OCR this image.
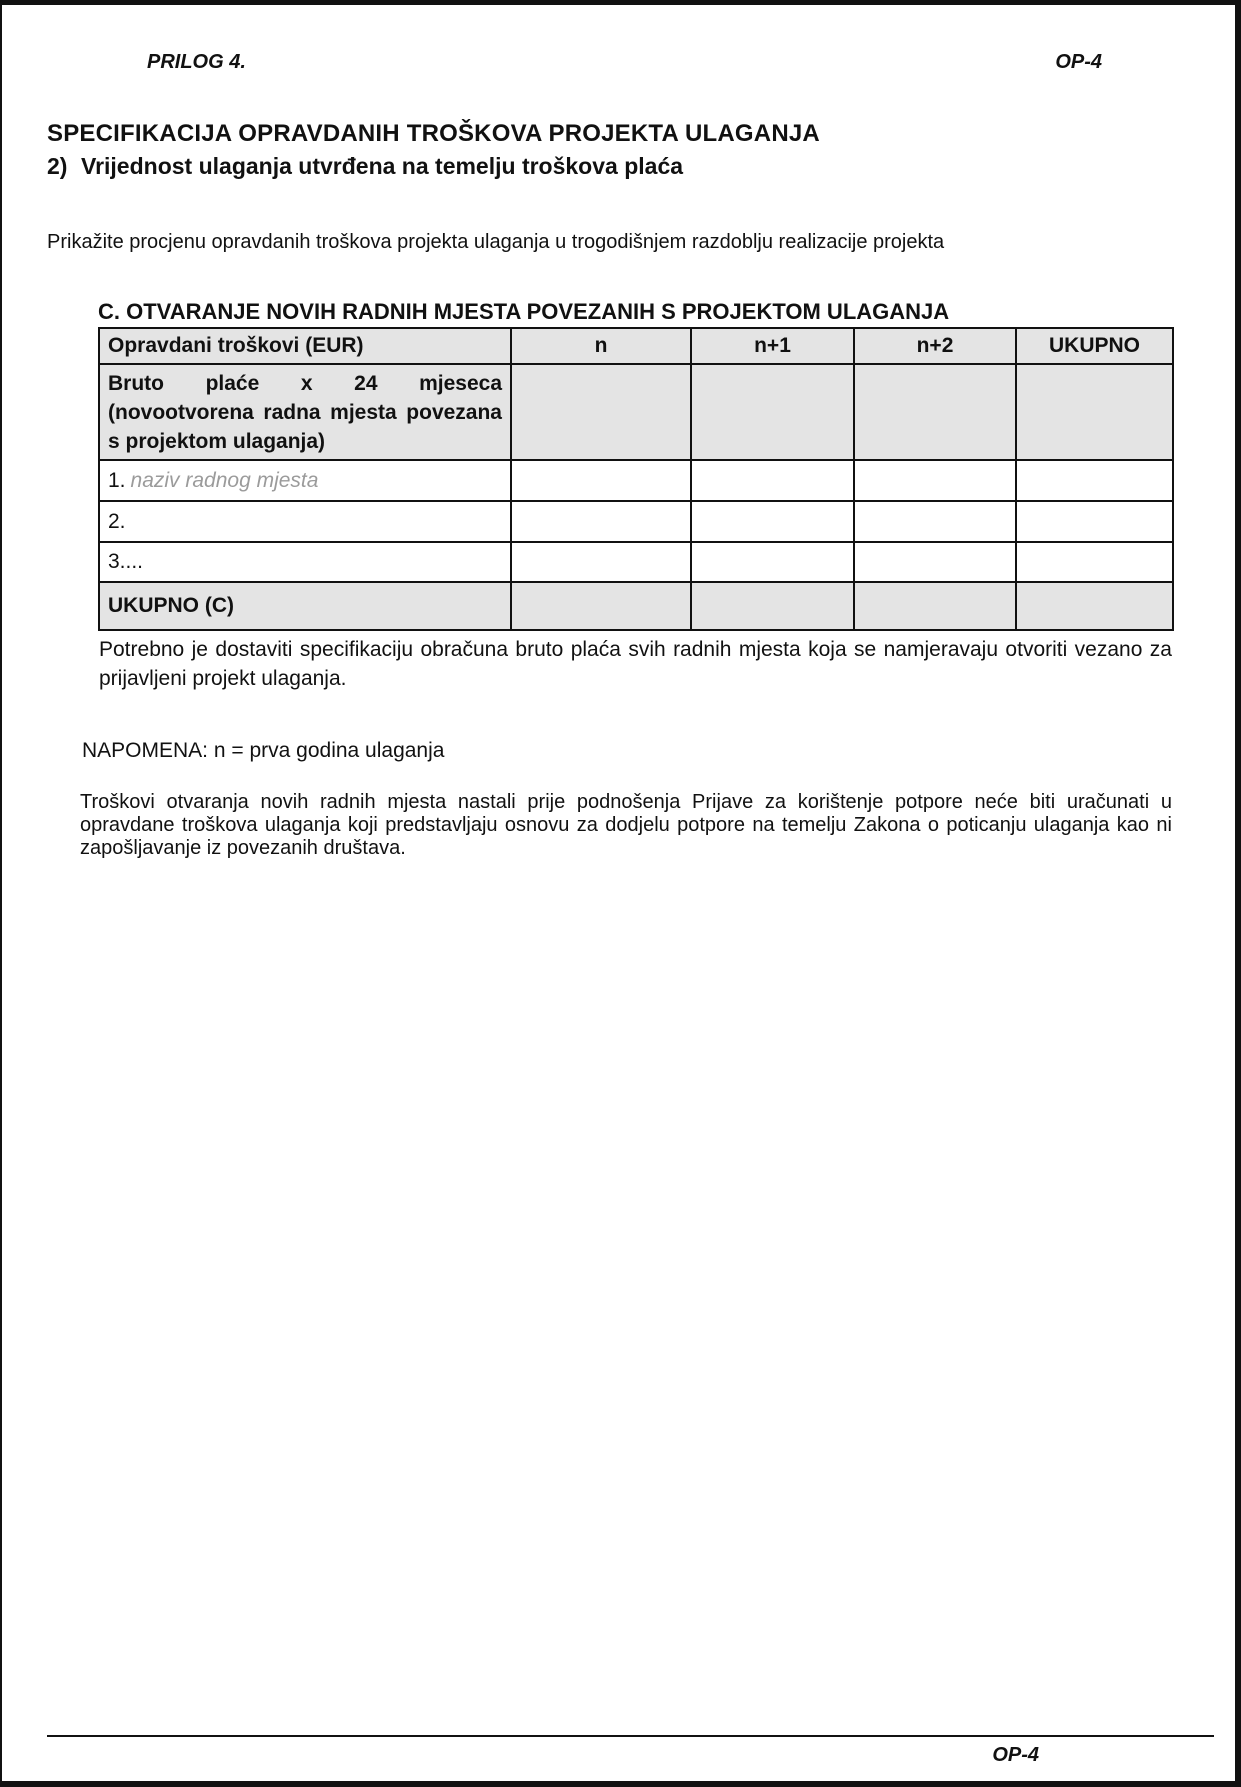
PRILOG 4.	OP-4
SPECIFIKACIJA OPRAVDANIH TROŠKOVA PROJEKTA ULAGANJA
2) Vrijednost ulaganja utvrđena na temelju troškova plaća
Prikažite procjenu opravdanih troškova projekta ulaganja u trogodišnjem razdoblju realizacije projekta
C. OTVARANJE NOVIH RADNIH MJESTA POVEZANIH S PROJEKTOM ULAGANJA
Opravdani troškovi (EUR)	n	n+1	n+2	UKUPNO
Bruto plaće x 24 mjeseca (novootvorena radna mjesta povezana s projektom ulaganja)				
1. naziv radnog mjesta				
2.				
3....				
UKUPNO (C)				
Potrebno je dostaviti specifikaciju obračuna bruto plaća svih radnih mjesta koja se namjeravaju otvoriti vezano za prijavljeni projekt ulaganja.
NAPOMENA: n = prva godina ulaganja
Troškovi otvaranja novih radnih mjesta nastali prije podnošenja Prijave za korištenje potpore neće biti uračunati u opravdane troškova ulaganja koji predstavljaju osnovu za dodjelu potpore na temelju Zakona o poticanju ulaganja kao ni zapošljavanje iz povezanih društava.
OP-4
